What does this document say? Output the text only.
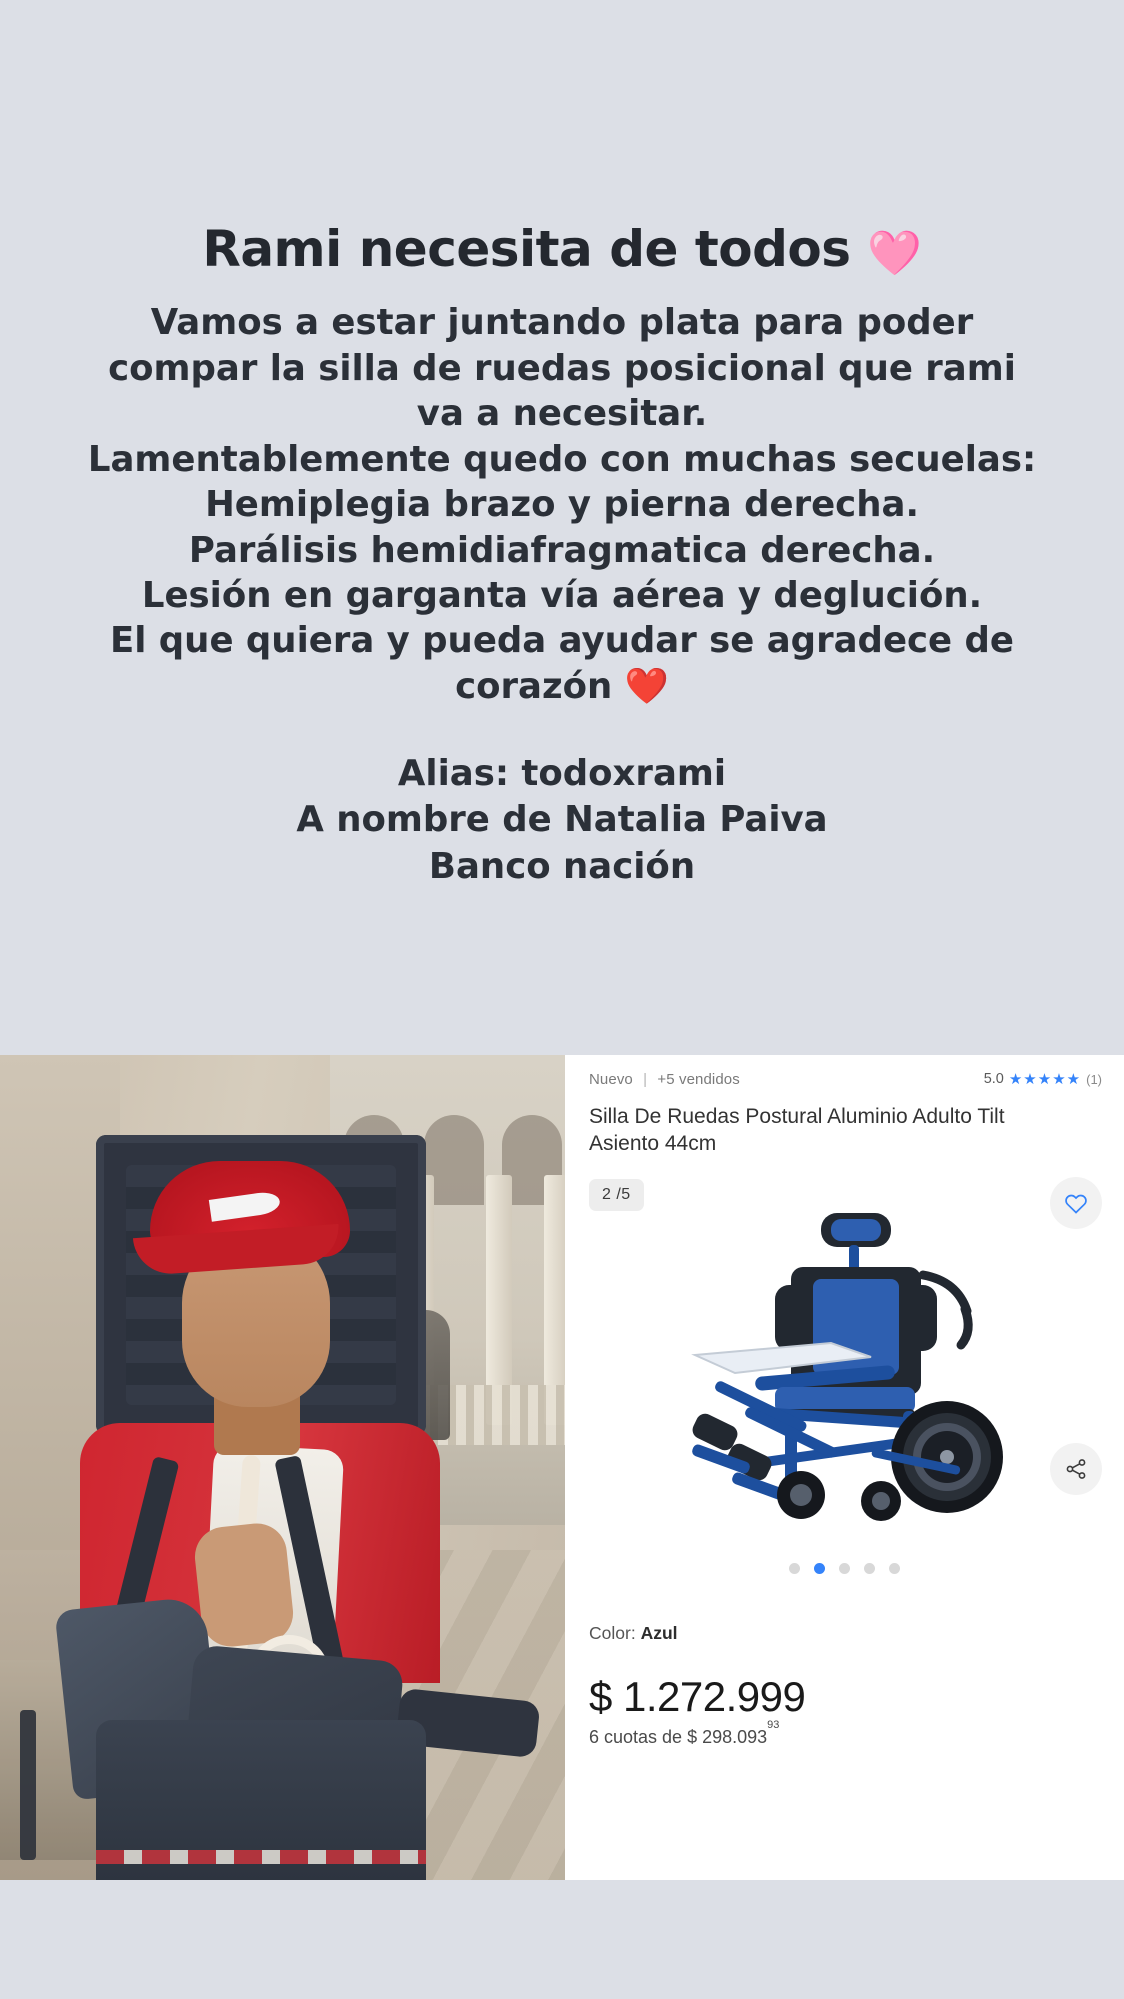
Rami necesita de todos 🩷

Vamos a estar juntando plata para poder
compar la silla de ruedas posicional que rami
va a necesitar.
Lamentablemente quedo con muchas secuelas:
Hemiplegia brazo y pierna derecha.
Parálisis hemidiafragmatica derecha.
Lesión en garganta vía aérea y deglución.
El que quiera y pueda ayudar se agradece de
corazón ❤️

Alias: todoxrami
A nombre de Natalia Paiva
Banco nación

Nuevo | +5 vendidos	5.0 ★★★★★ (1)
Silla De Ruedas Postural Aluminio Adulto Tilt Asiento 44cm
2 /5
Color: Azul
$ 1.272.999
6 cuotas de $ 298.093$^{93}$
